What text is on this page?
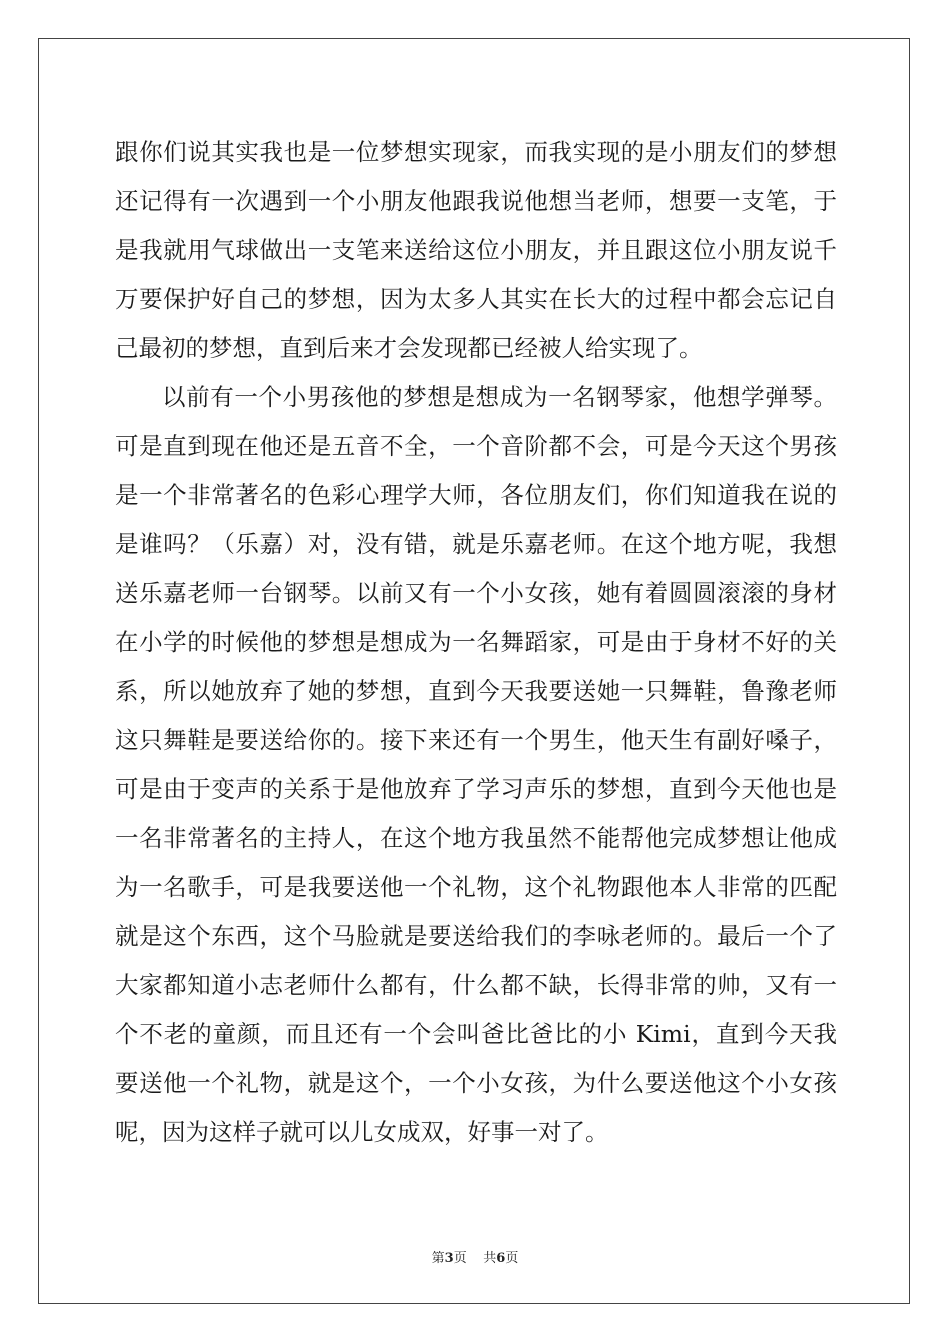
跟你们说其实我也是一位梦想实现家，而我实现的是小朋友们的梦想
还记得有一次遇到一个小朋友他跟我说他想当老师，想要一支笔，于
是我就用气球做出一支笔来送给这位小朋友，并且跟这位小朋友说千
万要保护好自己的梦想，因为太多人其实在长大的过程中都会忘记自
己最初的梦想，直到后来才会发现都已经被人给实现了。
以前有一个小男孩他的梦想是想成为一名钢琴家，他想学弹琴。
可是直到现在他还是五音不全，一个音阶都不会，可是今天这个男孩
是一个非常著名的色彩心理学大师，各位朋友们，你们知道我在说的
是谁吗？（乐嘉）对，没有错，就是乐嘉老师。在这个地方呢，我想
送乐嘉老师一台钢琴。以前又有一个小女孩，她有着圆圆滚滚的身材
在小学的时候他的梦想是想成为一名舞蹈家，可是由于身材不好的关
系，所以她放弃了她的梦想，直到今天我要送她一只舞鞋，鲁豫老师
这只舞鞋是要送给你的。接下来还有一个男生，他天生有副好嗓子，
可是由于变声的关系于是他放弃了学习声乐的梦想，直到今天他也是
一名非常著名的主持人，在这个地方我虽然不能帮他完成梦想让他成
为一名歌手，可是我要送他一个礼物，这个礼物跟他本人非常的匹配
就是这个东西，这个马脸就是要送给我们的李咏老师的。最后一个了
大家都知道小志老师什么都有，什么都不缺，长得非常的帅，又有一
个不老的童颜，而且还有一个会叫爸比爸比的小 Kimi，直到今天我
要送他一个礼物，就是这个，一个小女孩，为什么要送他这个小女孩
呢，因为这样子就可以儿女成双，好事一对了。
第3页 共6页
